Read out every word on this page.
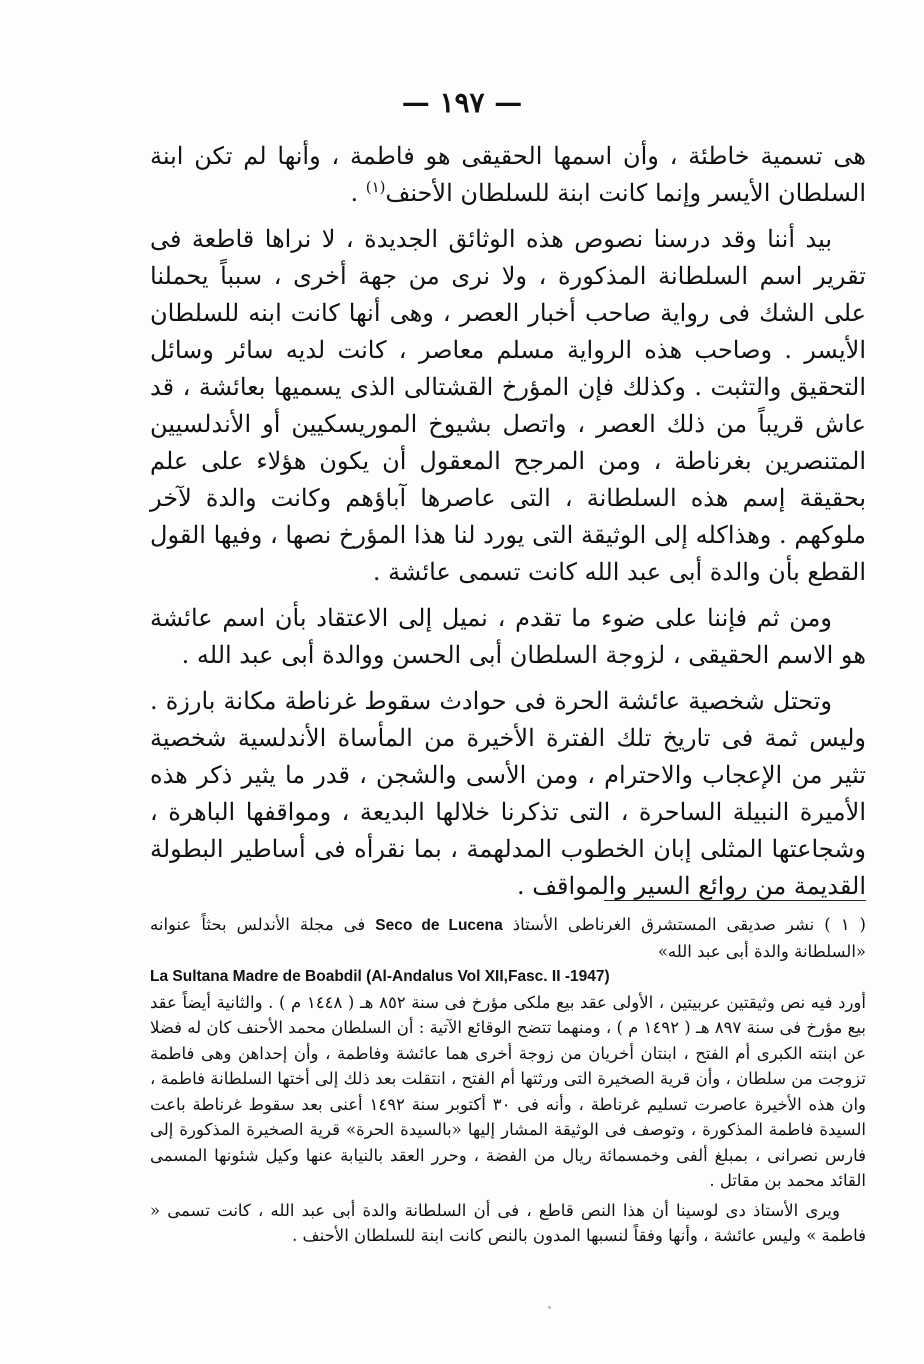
— ١٩٧ —

هى تسمية خاطئة ، وأن اسمها الحقيقى هو فاطمة ، وأنها لم تكن ابنة السلطان الأيسر وإنما كانت ابنة للسلطان الأحنف$^{(١)}$ .

بيد أننا وقد درسنا نصوص هذه الوثائق الجديدة ، لا نراها قاطعة فى تقرير اسم السلطانة المذكورة ، ولا نرى من جهة أخرى ، سبباً يحملنا على الشك فى رواية صاحب أخبار العصر ، وهى أنها كانت ابنه للسلطان الأيسر . وصاحب هذه الرواية مسلم معاصر ، كانت لديه سائر وسائل التحقيق والتثبت . وكذلك فإن المؤرخ القشتالى الذى يسميها بعائشة ، قد عاش قريباً من ذلك العصر ، واتصل بشيوخ الموريسكيين أو الأندلسيين المتنصرين بغرناطة ، ومن المرجح المعقول أن يكون هؤلاء على علم بحقيقة إسم هذه السلطانة ، التى عاصرها آباؤهم وكانت والدة لآخر ملوكهم . وهذاكله إلى الوثيقة التى يورد لنا هذا المؤرخ نصها ، وفيها القول القطع بأن والدة أبى عبد الله كانت تسمى عائشة .

ومن ثم فإننا على ضوء ما تقدم ، نميل إلى الاعتقاد بأن اسم عائشة هو الاسم الحقيقى ، لزوجة السلطان أبى الحسن ووالدة أبى عبد الله .

وتحتل شخصية عائشة الحرة فى حوادث سقوط غرناطة مكانة بارزة . وليس ثمة فى تاريخ تلك الفترة الأخيرة من المأساة الأندلسية شخصية تثير من الإعجاب والاحترام ، ومن الأسى والشجن ، قدر ما يثير ذكر هذه الأميرة النبيلة الساحرة ، التى تذكرنا خلالها البديعة ، ومواقفها الباهرة ، وشجاعتها المثلى إبان الخطوب المدلهمة ، بما نقرأه فى أساطير البطولة القديمة من روائع السير والمواقف .

( ١ ) نشر صديقى المستشرق الغرناطى الأستاذ Seco de Lucena فى مجلة الأندلس بحثاً عنوانه «السلطانة والدة أبى عبد الله»
La Sultana Madre de Boabdil (Al-Andalus Vol XII,Fasc. II -1947)
أورد فيه نص وثيقتين عربيتين ، الأولى عقد بيع ملكى مؤرخ فى سنة ٨٥٢ هـ ( ١٤٤٨ م ) . والثانية أيضاً عقد بيع مؤرخ فى سنة ٨٩٧ هـ ( ١٤٩٢ م ) ، ومنهما تتضح الوقائع الآتية : أن السلطان محمد الأحنف كان له فضلا عن ابنته الكبرى أم الفتح ، ابنتان أخريان من زوجة أخرى هما عائشة وفاطمة ، وأن إحداهن وهى فاطمة تزوجت من سلطان ، وأن قرية الصخيرة التى ورثتها أم الفتح ، انتقلت بعد ذلك إلى أختها السلطانة فاطمة ، وان هذه الأخيرة عاصرت تسليم غرناطة ، وأنه فى ٣٠ أكتوبر سنة ١٤٩٢ أعنى بعد سقوط غرناطة باعت السيدة فاطمة المذكورة ، وتوصف فى الوثيقة المشار إليها «بالسيدة الحرة» قرية الصخيرة المذكورة إلى فارس نصرانى ، بمبلغ ألفى وخمسمائة ريال من الفضة ، وحرر العقد بالنيابة عنها وكيل شئونها المسمى القائد محمد بن مقاتل .

ويرى الأستاذ دى لوسينا أن هذا النص قاطع ، فى أن السلطانة والدة أبى عبد الله ، كانت تسمى « فاطمة » وليس عائشة ، وأنها وفقاً لنسبها المدون بالنص كانت ابنة للسلطان الأحنف .
